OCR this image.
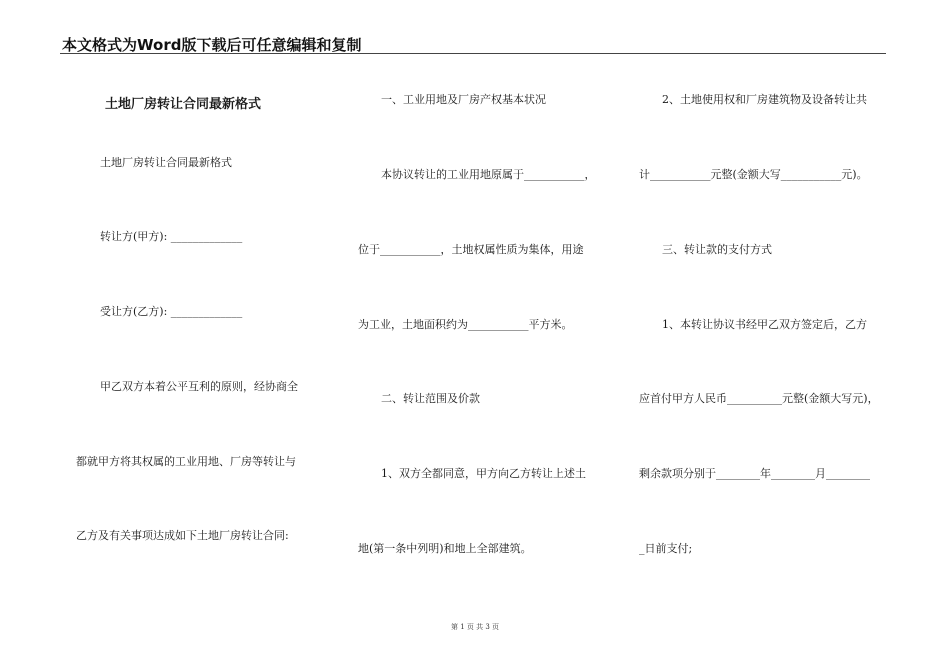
本文格式为Word版下载后可任意编辑和复制
土地厂房转让合同最新格式
土地厂房转让合同最新格式
转让方(甲方): _____________
受让方(乙方): _____________
甲乙双方本着公平互利的原则，经协商全
都就甲方将其权属的工业用地、厂房等转让与
乙方及有关事项达成如下土地厂房转让合同:
一、工业用地及厂房产权基本状况
本协议转让的工业用地原属于___________，
位于___________，土地权属性质为集体，用途
为工业，土地面积约为___________平方米。
二、转让范围及价款
1、双方全都同意，甲方向乙方转让上述土
地(第一条中列明)和地上全部建筑。
2、土地使用权和厂房建筑物及设备转让共
计___________元整(金额大写___________元)。
三、转让款的支付方式
1、本转让协议书经甲乙双方签定后，乙方
应首付甲方人民币__________元整(金额大写元)，
剩余款项分别于________年________月________
_日前支付;
第 1 页 共 3 页
